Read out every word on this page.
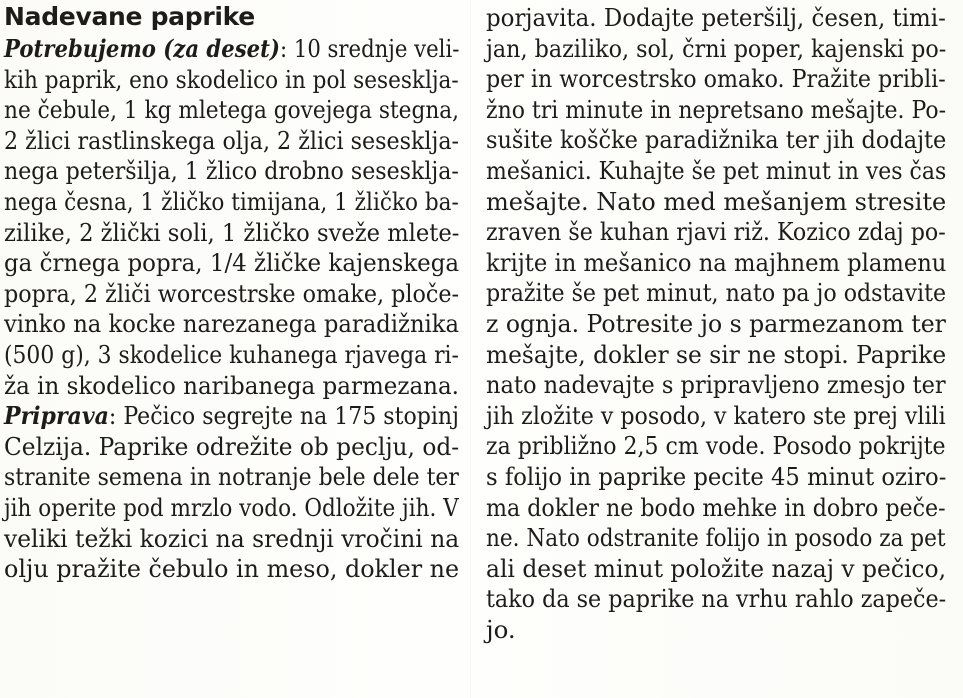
Nadevane paprike
Potrebujemo (za deset): 10 srednje veli-
kih paprik, eno skodelico in pol sesesklja-
ne čebule, 1 kg mletega govejega stegna,
2 žlici rastlinskega olja, 2 žlici sesesklja-
nega peteršilja, 1 žlico drobno sesesklja-
nega česna, 1 žličko timijana, 1 žličko ba-
zilike, 2 žlički soli, 1 žličko sveže mlete-
ga črnega popra, 1/4 žličke kajenskega
popra, 2 žliči worcestrske omake, ploče-
vinko na kocke narezanega paradižnika
(500 g), 3 skodelice kuhanega rjavega ri-
ža in skodelico naribanega parmezana.
Priprava: Pečico segrejte na 175 stopinj
Celzija. Paprike odrežite ob peclju, od-
stranite semena in notranje bele dele ter
jih operite pod mrzlo vodo. Odložite jih. V
veliki težki kozici na srednji vročini na
olju pražite čebulo in meso, dokler ne
porjavita. Dodajte peteršilj, česen, timi-
jan, baziliko, sol, črni poper, kajenski po-
per in worcestrsko omako. Pražite pribli-
žno tri minute in nepretsano mešajte. Po-
sušite koščke paradižnika ter jih dodajte
mešanici. Kuhajte še pet minut in ves čas
mešajte. Nato med mešanjem stresite
zraven še kuhan rjavi riž. Kozico zdaj po-
krijte in mešanico na majhnem plamenu
pražite še pet minut, nato pa jo odstavite
z ognja. Potresite jo s parmezanom ter
mešajte, dokler se sir ne stopi. Paprike
nato nadevajte s pripravljeno zmesjo ter
jih zložite v posodo, v katero ste prej vlili
za približno 2,5 cm vode. Posodo pokrijte
s folijo in paprike pecite 45 minut oziro-
ma dokler ne bodo mehke in dobro peče-
ne. Nato odstranite folijo in posodo za pet
ali deset minut položite nazaj v pečico,
tako da se paprike na vrhu rahlo zapeče-
jo.
